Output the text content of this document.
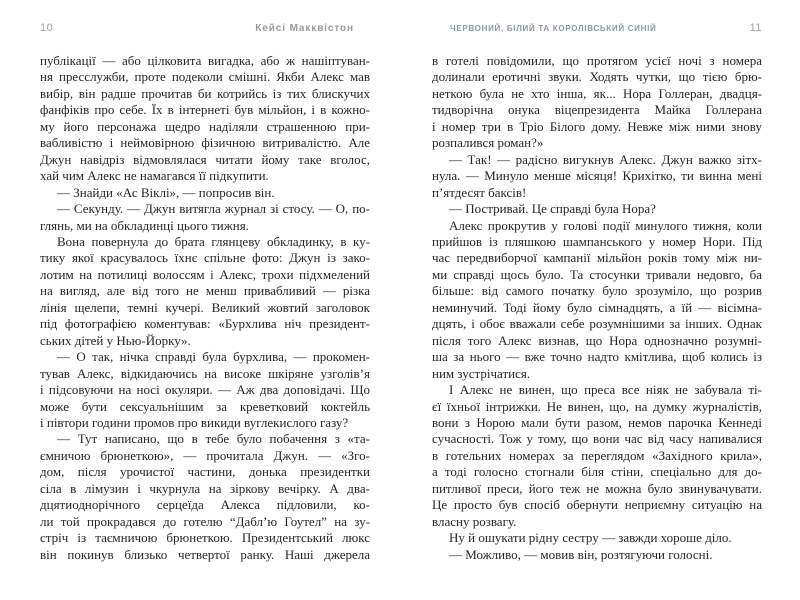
10	Кейсі Макквістон
публікації — або цілковита вигадка, або ж нашіптуван-
ня пресслужби, проте подеколи смішні. Якби Алекс мав
вибір, він радше прочитав би котрийсь із тих блискучих
фанфіків про себе. Їх в інтернеті був мільйон, і в кожно-
му його персонажа щедро наділяли страшенною при-
вабливістю і неймовірною фізичною витривалістю. Але
Джун навідріз відмовлялася читати йому таке вголос,
хай чим Алекс не намагався її підкупити.
— Знайди «Ас Віклі», — попросив він.
— Секунду. — Джун витягла журнал зі стосу. — О, по-
глянь, ми на обкладинці цього тижня.
Вона повернула до брата глянцеву обкладинку, в ку-
тику якої красувалось їхнє спільне фото: Джун із зако-
лотим на потилиці волоссям і Алекс, трохи підхмелений
на вигляд, але від того не менш привабливий — різка
лінія щелепи, темні кучері. Великий жовтий заголовок
під фотографією коментував: «Бурхлива ніч президент-
ських дітей у Нью-Йорку».
— О так, нічка справді була бурхлива, — прокомен-
тував Алекс, відкидаючись на високе шкіряне узголів’я
і підсовуючи на носі окуляри. — Аж два доповідачі. Що
може бути сексуальнішим за креветковий коктейль
і півтори години промов про викиди вуглекислого газу?
— Тут написано, що в тебе було побачення з «та-
ємничою брюнеткою», — прочитала Джун. — «Зго-
дом, після урочистої частини, донька президентки
сіла в лімузин і чкурнула на зіркову вечірку. А два-
дцятиоднорічного серцеїда Алекса підловили, ко-
ли той прокрадався до готелю “Дабл’ю Гоутел” на зу-
стріч із таємничою брюнеткою. Президентський люкс
він покинув близько четвертої ранку. Наші джерела
ЧЕРВОНИЙ, БІЛИЙ ТА КОРОЛІВСЬКИЙ СИНІЙ	11
в готелі повідомили, що протягом усієї ночі з номера
долинали еротичні звуки. Ходять чутки, що тією брю-
неткою була не хто інша, як... Нора Голлеран, двадця-
тидворічна онука віцепрезидента Майка Голлерана
і номер три в Тріо Білого дому. Невже між ними знову
розпалився роман?»
— Так! — радісно вигукнув Алекс. Джун важко зітх-
нула. — Минуло менше місяця! Крихітко, ти винна мені
п’ятдесят баксів!
— Постривай. Це справді була Нора?
Алекс прокрутив у голові події минулого тижня, коли
прийшов із пляшкою шампанського у номер Нори. Під
час передвиборчої кампанії мільйон років тому між ни-
ми справді щось було. Та стосунки тривали недовго, ба
більше: від самого початку було зрозуміло, що розрив
неминучий. Тоді йому було сімнадцять, а їй — вісімна-
дцять, і обоє вважали себе розумнішими за інших. Однак
після того Алекс визнав, що Нора однозначно розумні-
ша за нього — вже точно надто кмітлива, щоб колись із
ним зустрічатися.
І Алекс не винен, що преса все ніяк не забувала ті-
єї їхньої інтрижки. Не винен, що, на думку журналістів,
вони з Норою мали бути разом, немов парочка Кеннеді
сучасності. Тож у тому, що вони час від часу напивалися
в готельних номерах за переглядом «Західного крила»,
а тоді голосно стогнали біля стіни, спеціально для до-
питливої преси, його теж не можна було звинувачувати.
Це просто був спосіб обернути неприємну ситуацію на
власну розвагу.
Ну й ошукати рідну сестру — завжди хороше діло.
— Можливо, — мовив він, розтягуючи голосні.
